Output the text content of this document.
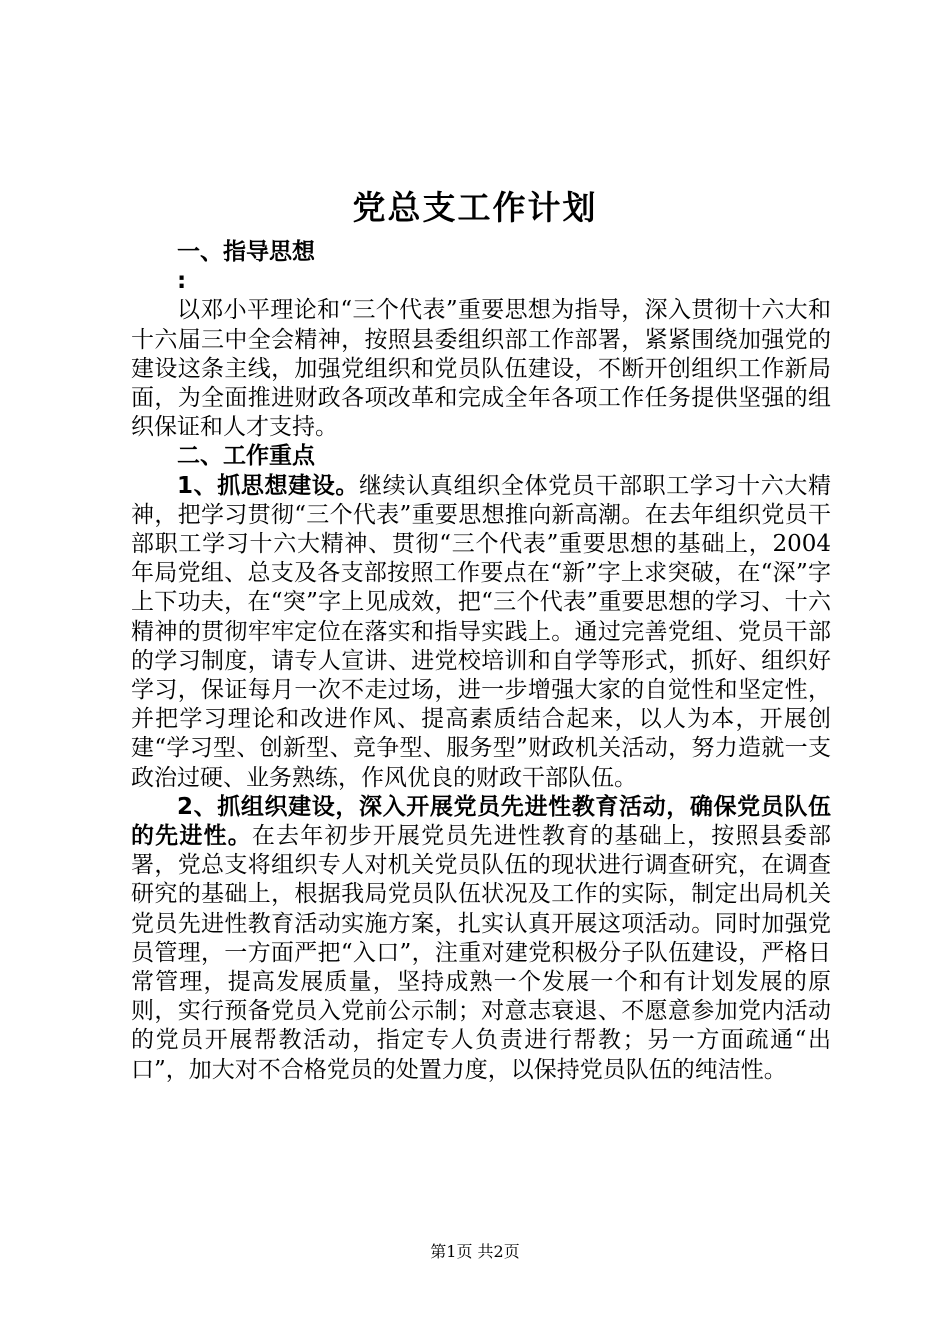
党总支工作计划

一、指导思想

:

以邓小平理论和“三个代表”重要思想为指导，深入贯彻十六大和十六届三中全会精神，按照县委组织部工作部署，紧紧围绕加强党的建设这条主线，加强党组织和党员队伍建设，不断开创组织工作新局面，为全面推进财政各项改革和完成全年各项工作任务提供坚强的组织保证和人才支持。

二、工作重点

1、抓思想建设。继续认真组织全体党员干部职工学习十六大精神，把学习贯彻“三个代表”重要思想推向新高潮。在去年组织党员干部职工学习十六大精神、贯彻“三个代表”重要思想的基础上，2004年局党组、总支及各支部按照工作要点在“新”字上求突破，在“深”字上下功夫，在“突”字上见成效，把“三个代表”重要思想的学习、十六精神的贯彻牢牢定位在落实和指导实践上。通过完善党组、党员干部的学习制度，请专人宣讲、进党校培训和自学等形式，抓好、组织好学习，保证每月一次不走过场，进一步增强大家的自觉性和坚定性，并把学习理论和改进作风、提高素质结合起来，以人为本，开展创建“学习型、创新型、竞争型、服务型”财政机关活动，努力造就一支政治过硬、业务熟练，作风优良的财政干部队伍。

2、抓组织建设，深入开展党员先进性教育活动，确保党员队伍的先进性。在去年初步开展党员先进性教育的基础上，按照县委部署，党总支将组织专人对机关党员队伍的现状进行调查研究，在调查研究的基础上，根据我局党员队伍状况及工作的实际，制定出局机关党员先进性教育活动实施方案，扎实认真开展这项活动。同时加强党员管理，一方面严把“入口”，注重对建党积极分子队伍建设，严格日常管理，提高发展质量，坚持成熟一个发展一个和有计划发展的原则，实行预备党员入党前公示制；对意志衰退、不愿意参加党内活动的党员开展帮教活动，指定专人负责进行帮教；另一方面疏通“出口”，加大对不合格党员的处置力度，以保持党员队伍的纯洁性。

第1页 共2页
